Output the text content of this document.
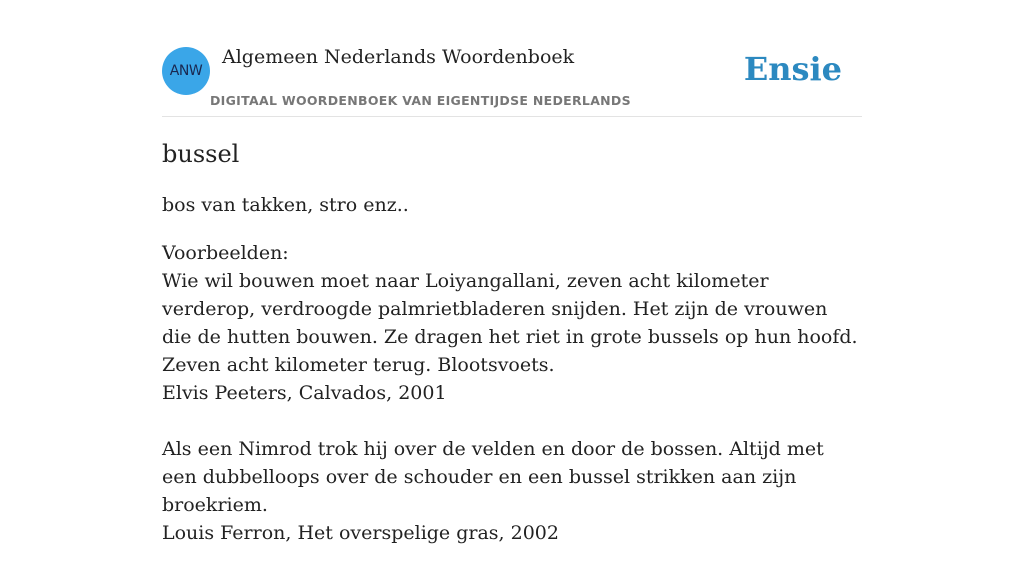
ANW
Algemeen Nederlands Woordenboek
DIGITAAL WOORDENBOEK VAN EIGENTIJDSE NEDERLANDS
Ensie
bussel
bos van takken, stro enz..
Voorbeelden:
Wie wil bouwen moet naar Loiyangallani, zeven acht kilometer verderop, verdroogde palmrietbladeren snijden. Het zijn de vrouwen die de hutten bouwen. Ze dragen het riet in grote bussels op hun hoofd. Zeven acht kilometer terug. Blootsvoets.
Elvis Peeters, Calvados, 2001
Als een Nimrod trok hij over de velden en door de bossen. Altijd met een dubbelloops over de schouder en een bussel strikken aan zijn broekriem.
Louis Ferron, Het overspelige gras, 2002
